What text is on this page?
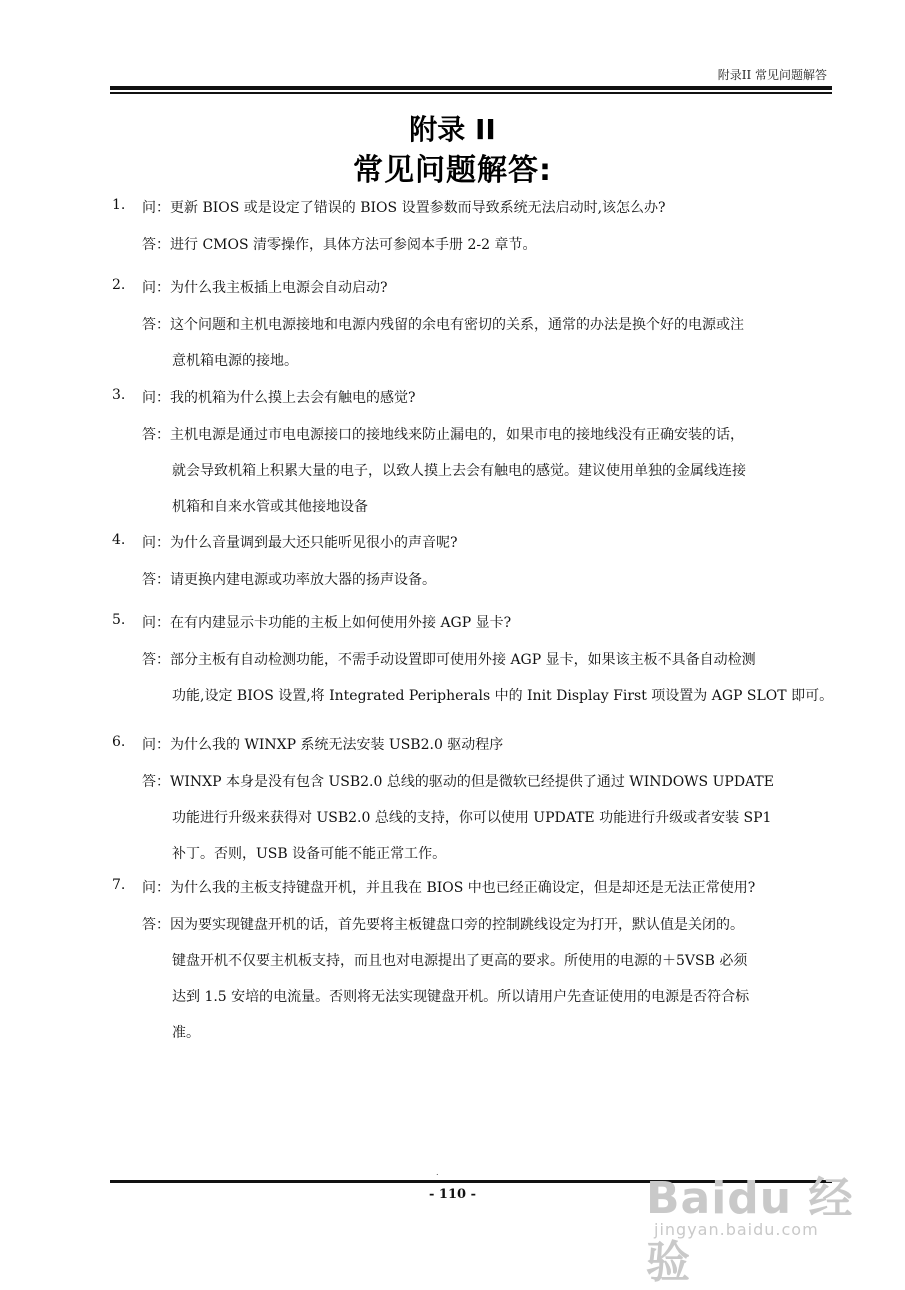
附录II 常见问题解答
附录 II
常见问题解答:
1. 问：更新 BIOS 或是设定了错误的 BIOS 设置参数而导致系统无法启动时,该怎么办?
答：进行 CMOS 清零操作，具体方法可参阅本手册 2-2 章节。
2. 问：为什么我主板插上电源会自动启动?
答：这个问题和主机电源接地和电源内残留的余电有密切的关系，通常的办法是换个好的电源或注
意机箱电源的接地。
3. 问：我的机箱为什么摸上去会有触电的感觉?
答：主机电源是通过市电电源接口的接地线来防止漏电的，如果市电的接地线没有正确安装的话，
就会导致机箱上积累大量的电子，以致人摸上去会有触电的感觉。建议使用单独的金属线连接
机箱和自来水管或其他接地设备
4. 问：为什么音量调到最大还只能听见很小的声音呢?
答：请更换内建电源或功率放大器的扬声设备。
5. 问：在有内建显示卡功能的主板上如何使用外接 AGP 显卡?
答：部分主板有自动检测功能，不需手动设置即可使用外接 AGP 显卡，如果该主板不具备自动检测
功能,设定 BIOS 设置,将 Integrated Peripherals 中的 Init Display First 项设置为 AGP SLOT 即可。
6. 问：为什么我的 WINXP 系统无法安装 USB2.0 驱动程序
答：WINXP 本身是没有包含 USB2.0 总线的驱动的但是微软已经提供了通过 WINDOWS UPDATE
功能进行升级来获得对 USB2.0 总线的支持，你可以使用 UPDATE 功能进行升级或者安装 SP1
补丁。否则，USB 设备可能不能正常工作。
7. 问：为什么我的主板支持键盘开机，并且我在 BIOS 中也已经正确设定，但是却还是无法正常使用?
答：因为要实现键盘开机的话，首先要将主板键盘口旁的控制跳线设定为打开，默认值是关闭的。
键盘开机不仅要主机板支持，而且也对电源提出了更高的要求。所使用的电源的＋5VSB 必须
达到 1.5 安培的电流量。否则将无法实现键盘开机。所以请用户先查证使用的电源是否符合标
准。
.
- 110 -	Baidu 经验
jingyan.baidu.com
